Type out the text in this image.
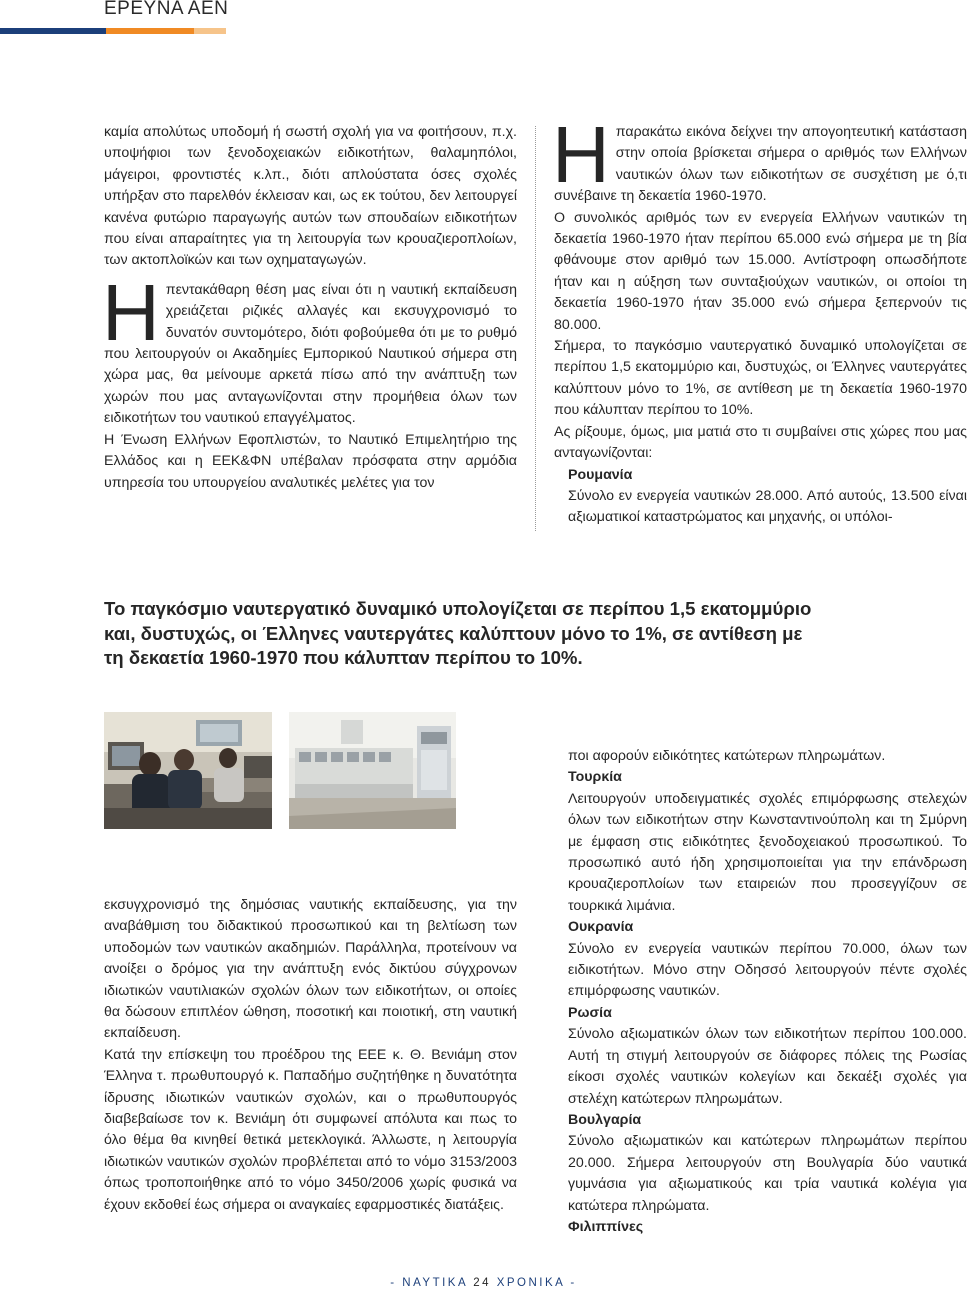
ΕΡΕΥΝΑ ΑΕΝ

καμία απολύτως υποδομή ή σωστή σχολή για να φοιτήσουν, π.χ. υποψήφιοι των ξενοδοχειακών ειδικοτήτων, θαλαμηπόλοι, μάγειροι, φροντιστές κ.λπ., διότι απλούστατα όσες σχολές υπήρξαν στο παρελθόν έκλεισαν και, ως εκ τούτου, δεν λειτουργεί κανένα φυτώριο παραγωγής αυτών των σπουδαίων ειδικοτήτων που είναι απαραίτητες για τη λειτουργία των κρουαζιεροπλοίων, των ακτοπλοϊκών και των οχηματαγωγών.

Ηπεντακάθαρη θέση μας είναι ότι η ναυτική εκπαίδευση χρειάζεται ριζικές αλλαγές και εκσυγχρονισμό το δυνατόν συντομότερο, διότι φοβούμεθα ότι με το ρυθμό που λειτουργούν οι Ακαδημίες Εμπορικού Ναυτικού σήμερα στη χώρα μας, θα μείνουμε αρκετά πίσω από την ανάπτυξη των χωρών που μας ανταγωνίζονται στην προμήθεια όλων των ειδικοτήτων του ναυτικού επαγγέλματος.

Η Ένωση Ελλήνων Εφοπλιστών, το Ναυτικό Επιμελητήριο της Ελλάδος και η ΕΕΚ&ΦΝ υπέβαλαν πρόσφατα στην αρμόδια υπηρεσία του υπουργείου αναλυτικές μελέτες για τον

Ηπαρακάτω εικόνα δείχνει την απογοητευτική κατάσταση στην οποία βρίσκεται σήμερα ο αριθμός των Ελλήνων ναυτικών όλων των ειδικοτήτων σε συσχέτιση με ό,τι συνέβαινε τη δεκαετία 1960-1970.

Ο συνολικός αριθμός των εν ενεργεία Ελλήνων ναυτικών τη δεκαετία 1960-1970 ήταν περίπου 65.000 ενώ σήμερα με τη βία φθάνουμε στον αριθμό των 15.000. Αντίστροφη οπωσδήποτε ήταν και η αύξηση των συνταξιούχων ναυτικών, οι οποίοι τη δεκαετία 1960-1970 ήταν 35.000 ενώ σήμερα ξεπερνούν τις 80.000.

Σήμερα, το παγκόσμιο ναυτεργατικό δυναμικό υπολογίζεται σε περίπου 1,5 εκατομμύριο και, δυστυχώς, οι Έλληνες ναυτεργάτες καλύπτουν μόνο το 1%, σε αντίθεση με τη δεκαετία 1960-1970 που κάλυπταν περίπου το 10%.

Ας ρίξουμε, όμως, μια ματιά στο τι συμβαίνει στις χώρες που μας ανταγωνίζονται:

Ρουμανία

Σύνολο εν ενεργεία ναυτικών 28.000. Από αυτούς, 13.500 είναι αξιωματικοί καταστρώματος και μηχανής, οι υπόλοι-

Το παγκόσμιο ναυτεργατικό δυναμικό υπολογίζεται σε περίπου 1,5 εκατομμύριο και, δυστυχώς, οι Έλληνες ναυτεργάτες καλύπτουν μόνο το 1%, σε αντίθεση με τη δεκαετία 1960-1970 που κάλυπταν περίπου το 10%.

εκσυγχρονισμό της δημόσιας ναυτικής εκπαίδευσης, για την αναβάθμιση του διδακτικού προσωπικού και τη βελτίωση των υποδομών των ναυτικών ακαδημιών. Παράλληλα, προτείνουν να ανοίξει ο δρόμος για την ανάπτυξη ενός δικτύου σύγχρονων ιδιωτικών ναυτιλιακών σχολών όλων των ειδικοτήτων, οι οποίες θα δώσουν επιπλέον ώθηση, ποσοτική και ποιοτική, στη ναυτική εκπαίδευση.

Κατά την επίσκεψη του προέδρου της ΕΕΕ κ. Θ. Βενιάμη στον Έλληνα τ. πρωθυπουργό κ. Παπαδήμο συζητήθηκε η δυνατότητα ίδρυσης ιδιωτικών ναυτικών σχολών, και ο πρωθυπουργός διαβεβαίωσε τον κ. Βενιάμη ότι συμφωνεί απόλυτα και πως το όλο θέμα θα κινηθεί θετικά μετεκλογικά. Άλλωστε, η λειτουργία ιδιωτικών ναυτικών σχολών προβλέπεται από το νόμο 3153/2003 όπως τροποποιήθηκε από το νόμο 3450/2006 χωρίς φυσικά να έχουν εκδοθεί έως σήμερα οι αναγκαίες εφαρμοστικές διατάξεις.

ποι αφορούν ειδικότητες κατώτερων πληρωμάτων.

Τουρκία

Λειτουργούν υποδειγματικές σχολές επιμόρφωσης στελεχών όλων των ειδικοτήτων στην Κωνσταντινούπολη και τη Σμύρνη με έμφαση στις ειδικότητες ξενοδοχειακού προσωπικού. Το προσωπικό αυτό ήδη χρησιμοποιείται για την επάνδρωση κρουαζιεροπλοίων των εταιρειών που προσεγγίζουν σε τουρκικά λιμάνια.

Ουκρανία

Σύνολο εν ενεργεία ναυτικών περίπου 70.000, όλων των ειδικοτήτων. Μόνο στην Οδησσό λειτουργούν πέντε σχολές επιμόρφωσης ναυτικών.

Ρωσία

Σύνολο αξιωματικών όλων των ειδικοτήτων περίπου 100.000. Αυτή τη στιγμή λειτουργούν σε διάφορες πόλεις της Ρωσίας είκοσι σχολές ναυτικών κολεγίων και δεκαέξι σχολές για στελέχη κατώτερων πληρωμάτων.

Βουλγαρία

Σύνολο αξιωματικών και κατώτερων πληρωμάτων περίπου 20.000. Σήμερα λειτουργούν στη Βουλγαρία δύο ναυτικά γυμνάσια για αξιωματικούς και τρία ναυτικά κολέγια για κατώτερα πληρώματα.

Φιλιππίνες

- ΝΑΥΤΙΚΑ 24 ΧΡΟΝΙΚΑ -
